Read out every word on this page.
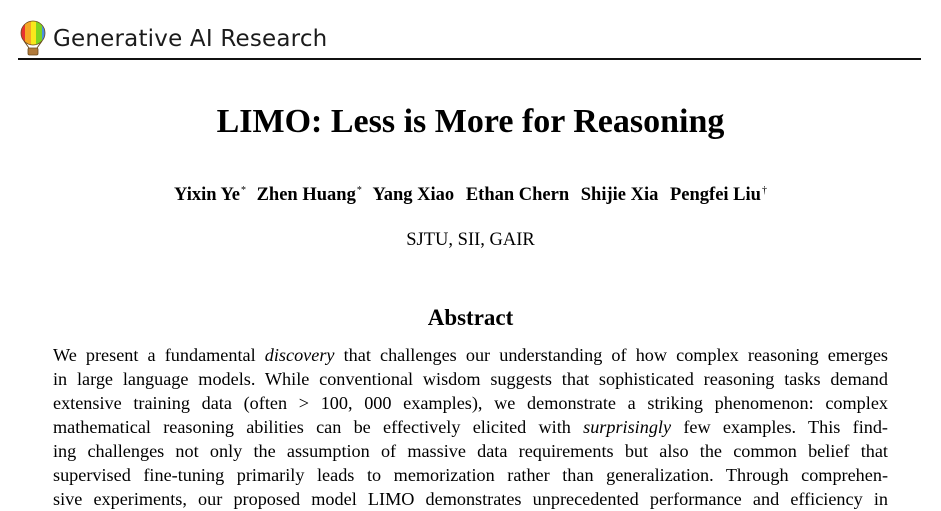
Generative AI Research
LIMO: Less is More for Reasoning
Yixin Ye* Zhen Huang* Yang Xiao Ethan Chern Shijie Xia Pengfei Liu†
SJTU, SII, GAIR
Abstract
We present a fundamental discovery that challenges our understanding of how complex reasoning emerges
in large language models. While conventional wisdom suggests that sophisticated reasoning tasks demand
extensive training data (often > 100, 000 examples), we demonstrate a striking phenomenon: complex
mathematical reasoning abilities can be effectively elicited with surprisingly few examples. This find-
ing challenges not only the assumption of massive data requirements but also the common belief that
supervised fine-tuning primarily leads to memorization rather than generalization. Through comprehen-
sive experiments, our proposed model LIMO demonstrates unprecedented performance and efficiency in
